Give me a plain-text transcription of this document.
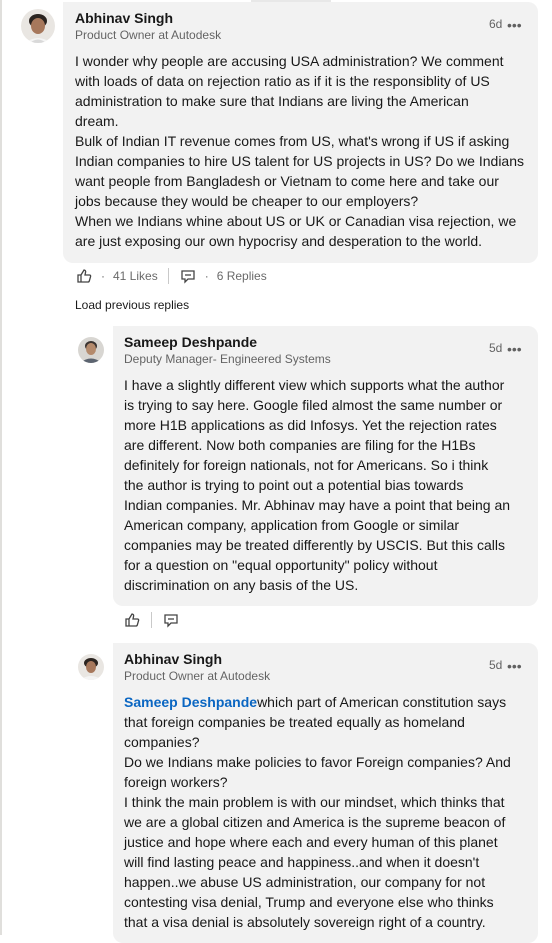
Abhinav Singh
Product Owner at Autodesk
6d •••

I wonder why people are accusing USA administration? We comment

with loads of data on rejection ratio as if it is the responsiblity of US

administration to make sure that Indians are living the American

dream.

Bulk of Indian IT revenue comes from US, what's wrong if US if asking

Indian companies to hire US talent for US projects in US? Do we Indians

want people from Bangladesh or Vietnam to come here and take our

jobs because they would be cheaper to our employers?

When we Indians whine about US or UK or Canadian visa rejection, we

are just exposing our own hypocrisy and desperation to the world.

· 41 Likes	· 6 Replies
Load previous replies
Sameep Deshpande
Deputy Manager- Engineered Systems
5d •••

I have a slightly different view which supports what the author

is trying to say here. Google filed almost the same number or

more H1B applications as did Infosys. Yet the rejection rates

are different. Now both companies are filing for the H1Bs

definitely for foreign nationals, not for Americans. So i think

the author is trying to point out a potential bias towards

Indian companies. Mr. Abhinav may have a point that being an

American company, application from Google or similar

companies may be treated differently by USCIS. But this calls

for a question on "equal opportunity" policy without

discrimination on any basis of the US.

Abhinav Singh
Product Owner at Autodesk
5d •••

Sameep Deshpandewhich part of American constitution says

that foreign companies be treated equally as homeland

companies?

Do we Indians make policies to favor Foreign companies? And

foreign workers?

I think the main problem is with our mindset, which thinks that

we are a global citizen and America is the supreme beacon of

justice and hope where each and every human of this planet

will find lasting peace and happiness..and when it doesn't

happen..we abuse US administration, our company for not

contesting visa denial, Trump and everyone else who thinks

that a visa denial is absolutely sovereign right of a country.
